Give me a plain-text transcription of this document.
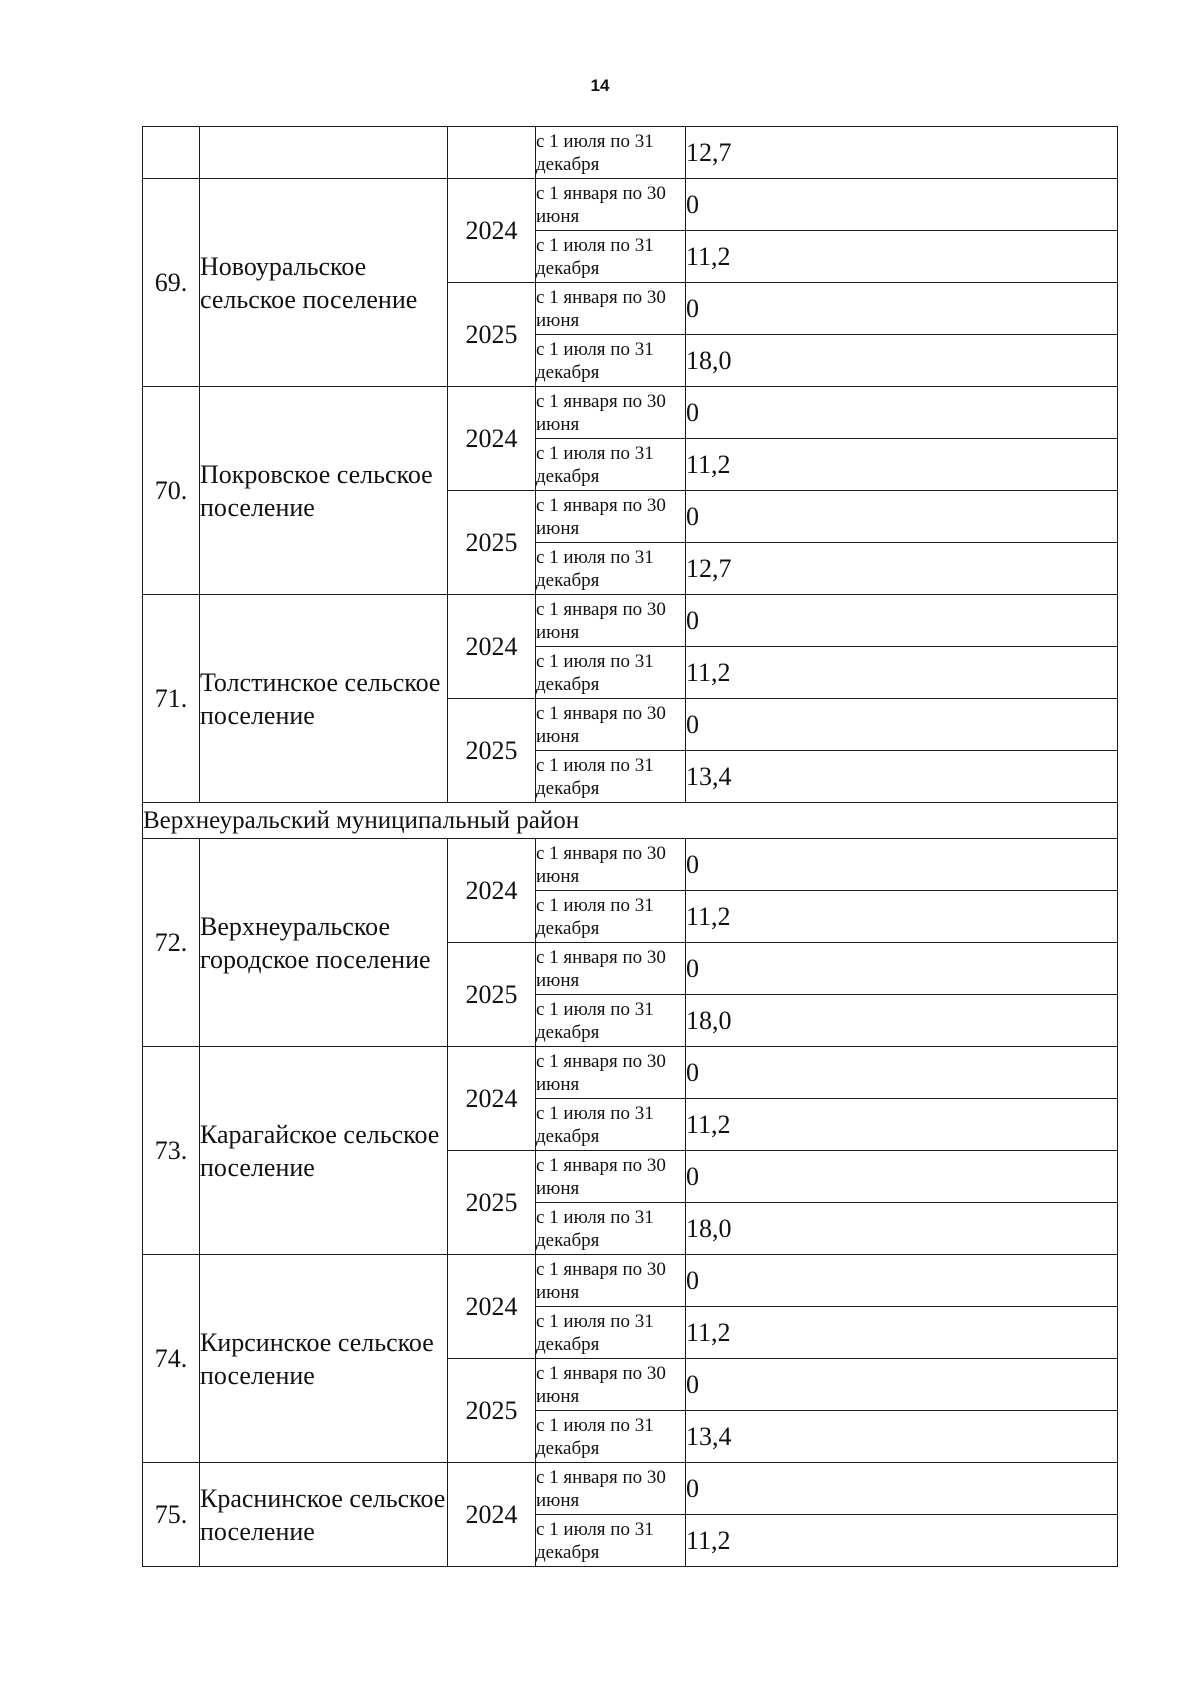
14
			с 1 июля по 31 декабря	12,7
69.	Новоуральское сельское поселение	2024	с 1 января по 30 июня	0
			с 1 июля по 31 декабря	11,2
		2025	с 1 января по 30 июня	0
			с 1 июля по 31 декабря	18,0
70.	Покровское сельское поселение	2024	с 1 января по 30 июня	0
			с 1 июля по 31 декабря	11,2
		2025	с 1 января по 30 июня	0
			с 1 июля по 31 декабря	12,7
71.	Толстинское сельское поселение	2024	с 1 января по 30 июня	0
			с 1 июля по 31 декабря	11,2
		2025	с 1 января по 30 июня	0
			с 1 июля по 31 декабря	13,4
Верхнеуральский муниципальный район				
72.	Верхнеуральское городское поселение	2024	с 1 января по 30 июня	0
			с 1 июля по 31 декабря	11,2
		2025	с 1 января по 30 июня	0
			с 1 июля по 31 декабря	18,0
73.	Карагайское сельское поселение	2024	с 1 января по 30 июня	0
			с 1 июля по 31 декабря	11,2
		2025	с 1 января по 30 июня	0
			с 1 июля по 31 декабря	18,0
74.	Кирсинское сельское поселение	2024	с 1 января по 30 июня	0
			с 1 июля по 31 декабря	11,2
		2025	с 1 января по 30 июня	0
			с 1 июля по 31 декабря	13,4
75.	Краснинское сельское поселение	2024	с 1 января по 30 июня	0
			с 1 июля по 31 декабря	11,2
